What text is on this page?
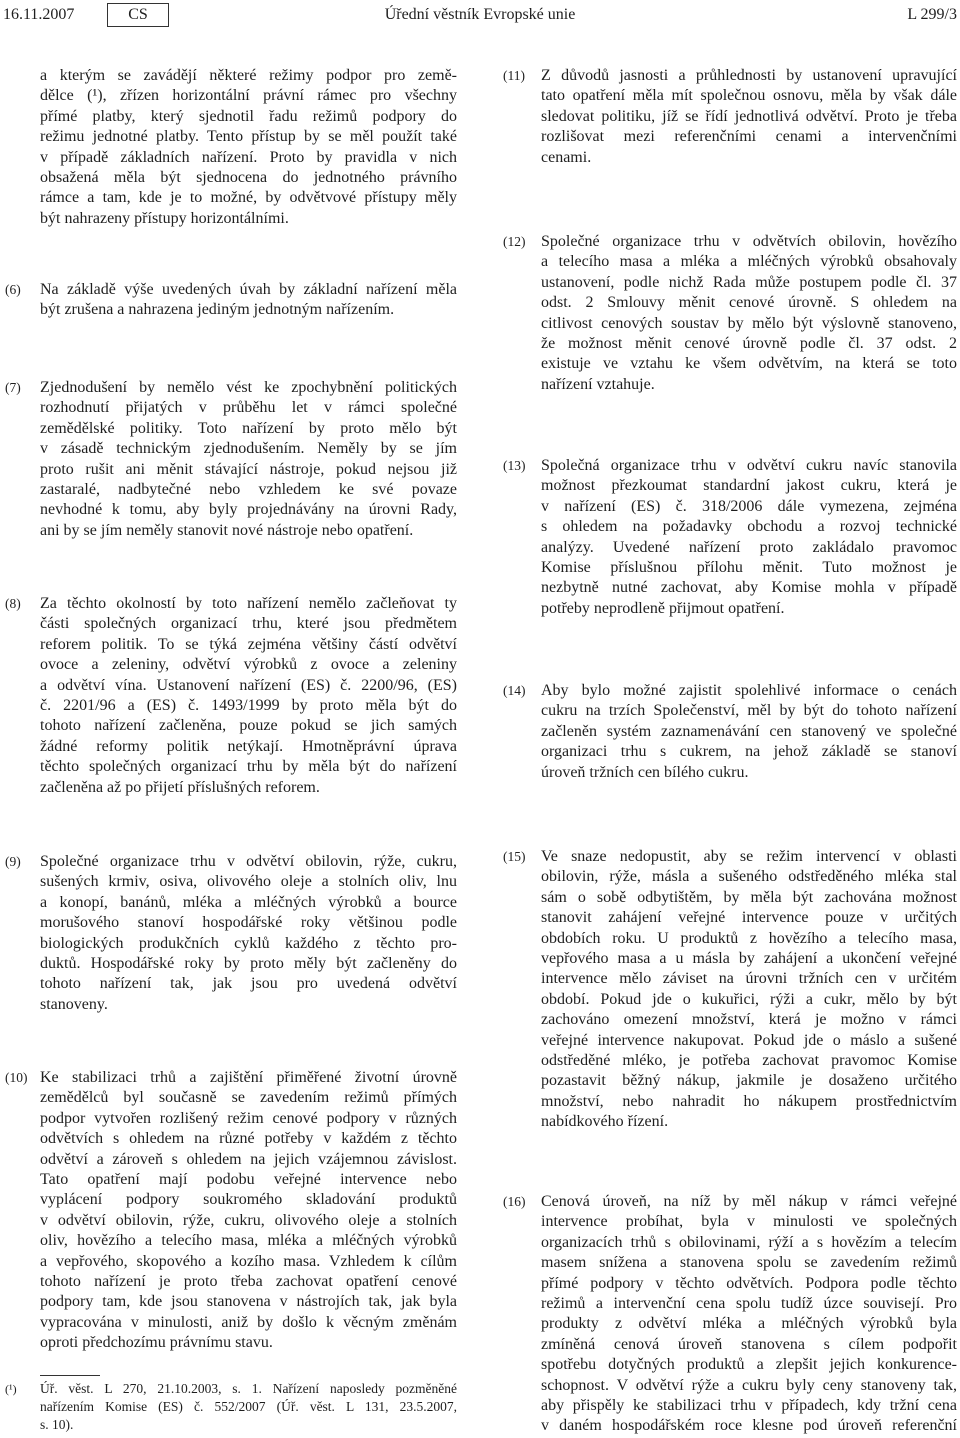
16.11.2007	CS	Úřední věstník Evropské unie	L 299/3
a kterým se zavádějí některé režimy podpor pro země-
dělce (¹), zřízen horizontální právní rámec pro všechny
přímé platby, který sjednotil řadu režimů podpory do
režimu jednotné platby. Tento přístup by se měl použít také
v případě základních nařízení. Proto by pravidla v nich
obsažená měla být sjednocena do jednotného právního
rámce a tam, kde je to možné, by odvětvové přístupy měly
být nahrazeny přístupy horizontálními.
(6) Na základě výše uvedených úvah by základní nařízení měla
být zrušena a nahrazena jediným jednotným nařízením.
(7) Zjednodušení by nemělo vést ke zpochybnění politických
rozhodnutí přijatých v průběhu let v rámci společné
zemědělské politiky. Toto nařízení by proto mělo být
v zásadě technickým zjednodušením. Neměly by se jím
proto rušit ani měnit stávající nástroje, pokud nejsou již
zastaralé, nadbytečné nebo vzhledem ke své povaze
nevhodné k tomu, aby byly projednávány na úrovni Rady,
ani by se jím neměly stanovit nové nástroje nebo opatření.
(8) Za těchto okolností by toto nařízení nemělo začleňovat ty
části společných organizací trhu, které jsou předmětem
reforem politik. To se týká zejména většiny částí odvětví
ovoce a zeleniny, odvětví výrobků z ovoce a zeleniny
a odvětví vína. Ustanovení nařízení (ES) č. 2200/96, (ES)
č. 2201/96 a (ES) č. 1493/1999 by proto měla být do
tohoto nařízení začleněna, pouze pokud se jich samých
žádné reformy politik netýkají. Hmotněprávní úprava
těchto společných organizací trhu by měla být do nařízení
začleněna až po přijetí příslušných reforem.
(11) Z důvodů jasnosti a průhlednosti by ustanovení upravující
tato opatření měla mít společnou osnovu, měla by však dále
sledovat politiku, jíž se řídí jednotlivá odvětví. Proto je třeba
rozlišovat mezi referenčními cenami a intervenčními
cenami.
(12) Společné organizace trhu v odvětvích obilovin, hovězího
a telecího masa a mléka a mléčných výrobků obsahovaly
ustanovení, podle nichž Rada může postupem podle čl. 37
odst. 2 Smlouvy měnit cenové úrovně. S ohledem na
citlivost cenových soustav by mělo být výslovně stanoveno,
že možnost měnit cenové úrovně podle čl. 37 odst. 2
existuje ve vztahu ke všem odvětvím, na která se toto
nařízení vztahuje.
(13) Společná organizace trhu v odvětví cukru navíc stanovila
možnost přezkoumat standardní jakost cukru, která je
v nařízení (ES) č. 318/2006 dále vymezena, zejména
s ohledem na požadavky obchodu a rozvoj technické
analýzy. Uvedené nařízení proto zakládalo pravomoc
Komise příslušnou přílohu měnit. Tuto možnost je
nezbytně nutné zachovat, aby Komise mohla v případě
potřeby neprodleně přijmout opatření.
(14) Aby bylo možné zajistit spolehlivé informace o cenách
cukru na trzích Společenství, měl by být do tohoto nařízení
začleněn systém zaznamenávání cen stanovený ve společné
organizaci trhu s cukrem, na jehož základě se stanoví
úroveň tržních cen bílého cukru.
(9) Společné organizace trhu v odvětví obilovin, rýže, cukru,
sušených krmiv, osiva, olivového oleje a stolních oliv, lnu
a konopí, banánů, mléka a mléčných výrobků a bource
morušového stanoví hospodářské roky většinou podle
biologických produkčních cyklů každého z těchto pro-
duktů. Hospodářské roky by proto měly být začleněny do
tohoto nařízení tak, jak jsou pro uvedená odvětví
stanoveny.
(10) Ke stabilizaci trhů a zajištění přiměřené životní úrovně
zemědělců byl současně se zavedením režimů přímých
podpor vytvořen rozlišený režim cenové podpory v různých
odvětvích s ohledem na různé potřeby v každém z těchto
odvětví a zároveň s ohledem na jejich vzájemnou závislost.
Tato opatření mají podobu veřejné intervence nebo
vyplácení podpory soukromého skladování produktů
v odvětví obilovin, rýže, cukru, olivového oleje a stolních
oliv, hovězího a telecího masa, mléka a mléčných výrobků
a vepřového, skopového a kozího masa. Vzhledem k cílům
tohoto nařízení je proto třeba zachovat opatření cenové
podpory tam, kde jsou stanovena v nástrojích tak, jak byla
vypracována v minulosti, aniž by došlo k věcným změnám
oproti předchozímu právnímu stavu.
(¹) Úř. věst. L 270, 21.10.2003, s. 1. Nařízení naposledy pozměněné
nařízením Komise (ES) č. 552/2007 (Úř. věst. L 131, 23.5.2007,
s. 10).
(15) Ve snaze nedopustit, aby se režim intervencí v oblasti
obilovin, rýže, másla a sušeného odstředěného mléka stal
sám o sobě odbytištěm, by měla být zachována možnost
stanovit zahájení veřejné intervence pouze v určitých
obdobích roku. U produktů z hovězího a telecího masa,
vepřového masa a u másla by zahájení a ukončení veřejné
intervence mělo záviset na úrovni tržních cen v určitém
období. Pokud jde o kukuřici, rýži a cukr, mělo by být
zachováno omezení množství, která je možno v rámci
veřejné intervence nakupovat. Pokud jde o máslo a sušené
odstředěné mléko, je potřeba zachovat pravomoc Komise
pozastavit běžný nákup, jakmile je dosaženo určitého
množství, nebo nahradit ho nákupem prostřednictvím
nabídkového řízení.
(16) Cenová úroveň, na níž by měl nákup v rámci veřejné
intervence probíhat, byla v minulosti ve společných
organizacích trhů s obilovinami, rýží a s hovězím a telecím
masem snížena a stanovena spolu se zavedením režimů
přímé podpory v těchto odvětvích. Podpora podle těchto
režimů a intervenční cena spolu tudíž úzce souvisejí. Pro
produkty z odvětví mléka a mléčných výrobků byla
zmíněná cenová úroveň stanovena s cílem podpořit
spotřebu dotyčných produktů a zlepšit jejich konkurence-
schopnost. V odvětví rýže a cukru byly ceny stanoveny tak,
aby přispěly ke stabilizaci trhu v případech, kdy tržní cena
v daném hospodářském roce klesne pod úroveň referenční
